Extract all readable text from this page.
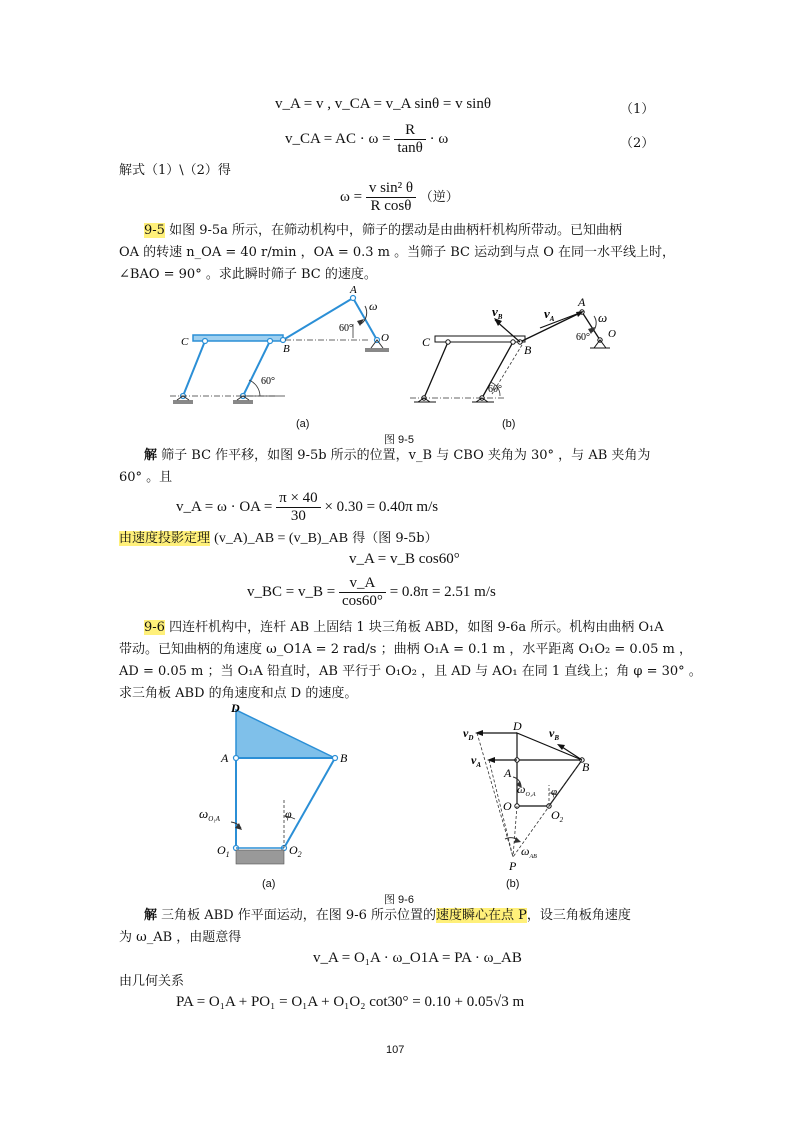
v_A = v , v_CA = v_A sinθ = v sinθ	（1）
v_CA = AC · $\omega = \frac{R}{\tan\theta} \cdot \omega$	（2）
解式（1）\（2）得
$\omega = \frac{\text{v sin² θ}}{\text{R cosθ}}$ （逆）
9-5 如图 9-5a 所示，在筛动机构中，筛子的摆动是由曲柄杆机构所带动。已知曲柄
OA 的转速 n_OA = 40 r/min ，OA = 0.3 m 。当筛子 BC 运动到与点 O 在同一水平线上时，
∠BAO = 90° 。求此瞬时筛子 BC 的速度。
A
B
C	O
ω
60°
60°
(a)
A
B
C
O
ω
60°
60°
$v_B$	$v_A$
(b)
图 9-5
解 筛子 BC 作平移，如图 9-5b 所示的位置，v_B 与 CBO 夹角为 30° ，与 AB 夹角为
60° 。且
v_A = ω · OA = $\frac{\pi \times 40}{30} \times 0.30 = 0.40\pi$ m/s
由速度投影定理 (v_A)_AB = (v_B)_AB 得（图 9-5b）
v_A = v_B cos60°
v_BC = v_B = $\frac{v\_A}{\cos 60^\circ} = 0.8\pi = 2.51$ m/s
9-6 四连杆机构中，连杆 AB 上固结 1 块三角板 ABD，如图 9-6a 所示。机构由曲柄 O₁A
带动。已知曲柄的角速度 ω_O1A = 2 rad/s ；曲柄 O₁A = 0.1 m ，水平距离 O₁O₂ = 0.05 m ，
AD = 0.05 m ；当 O₁A 铅直时，AB 平行于 O₁O₂ ，且 AD 与 AO₁ 在同 1 直线上；角 φ = 30° 。
求三角板 ABD 的角速度和点 D 的速度。
D
A	B
$O_1$	$O_2$
$\omega_{O_1A}$	φ
(a)
D
A	B
O
$O_2$
P
$v_D$
$v_A$
$v_B$
$\omega_{O_1A}$
$\omega_{AB}$
φ
(b)
图 9-6
解 三角板 ABD 作平面运动，在图 9-6 所示位置的速度瞬心在点 P，设三角板角速度
为 ω_AB ，由题意得
v_A = O₁A · ω_O1A = PA · ω_AB
由几何关系
PA = O₁A + PO₁ = O₁A + O₁O₂ cot30° = 0.10 + 0.05√3 m
107
